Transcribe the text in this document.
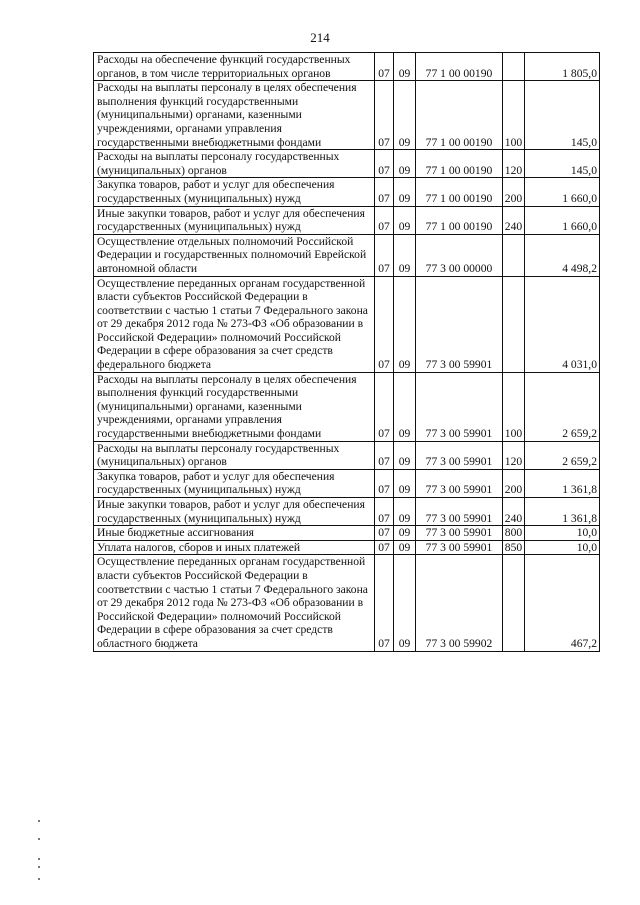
214
Расходы на обеспечение функций государственных органов, в том числе территориальных органов	07	09	77 1 00 00190		1 805,0
Расходы на выплаты персоналу в целях обеспечения выполнения функций государственными (муниципальными) органами, казенными учреждениями, органами управления государственными внебюджетными фондами	07	09	77 1 00 00190	100	145,0
Расходы на выплаты персоналу государственных (муниципальных) органов	07	09	77 1 00 00190	120	145,0
Закупка товаров, работ и услуг для обеспечения государственных (муниципальных) нужд	07	09	77 1 00 00190	200	1 660,0
Иные закупки товаров, работ и услуг для обеспечения государственных (муниципальных) нужд	07	09	77 1 00 00190	240	1 660,0
Осуществление отдельных полномочий Российской Федерации и государственных полномочий Еврейской автономной области	07	09	77 3 00 00000		4 498,2
Осуществление переданных органам государственной власти субъектов Российской Федерации в соответствии с частью 1 статьи 7 Федерального закона от 29 декабря 2012 года № 273-ФЗ «Об образовании в Российской Федерации» полномочий Российской Федерации в сфере образования за счет средств федерального бюджета	07	09	77 3 00 59901		4 031,0
Расходы на выплаты персоналу в целях обеспечения выполнения функций государственными (муниципальными) органами, казенными учреждениями, органами управления государственными внебюджетными фондами	07	09	77 3 00 59901	100	2 659,2
Расходы на выплаты персоналу государственных (муниципальных) органов	07	09	77 3 00 59901	120	2 659,2
Закупка товаров, работ и услуг для обеспечения государственных (муниципальных) нужд	07	09	77 3 00 59901	200	1 361,8
Иные закупки товаров, работ и услуг для обеспечения государственных (муниципальных) нужд	07	09	77 3 00 59901	240	1 361,8
Иные бюджетные ассигнования	07	09	77 3 00 59901	800	10,0
Уплата налогов, сборов и иных платежей	07	09	77 3 00 59901	850	10,0
Осуществление переданных органам государственной власти субъектов Российской Федерации в соответствии с частью 1 статьи 7 Федерального закона от 29 декабря 2012 года № 273-ФЗ «Об образовании в Российской Федерации» полномочий Российской Федерации в сфере образования за счет средств областного бюджета	07	09	77 3 00 59902		467,2
